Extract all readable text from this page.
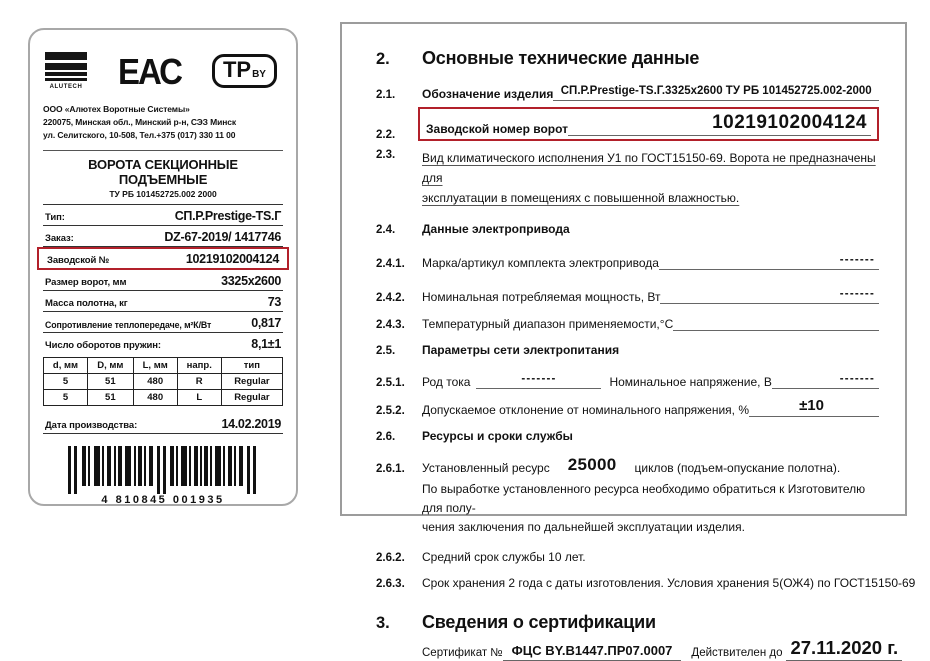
ALUTECH ЕАС	ТРBY
ООО «Алютех Воротные Системы»
220075, Минская обл., Минский р-н, СЭЗ Минск
ул. Селитского, 10-508, Тел.+375 (017) 330 11 00
ВОРОТА СЕКЦИОННЫЕ ПОДЪЕМНЫЕ
ТУ РБ 101452725.002 2000
Тип:	СП.P.Prestige-TS.Г
Заказ:	DZ-67-2019/ 1417746
Заводской №	10219102004124
Размер ворот, мм	3325x2600
Масса полотна, кг	73
Сопротивление теплопередаче, м²К/Вт	0,817
Число оборотов пружин:	8,1±1
d, мм	D, мм	L, мм	напр.	тип
5	51	480	R	Regular
5	51	480	L	Regular
Дата производства:	14.02.2019
4 810845 001935
2.	Основные технические данные
2.1.	Обозначение изделия СП.Р.Prestige-TS.Г.3325х2600 ТУ РБ 101452725.002-2000
2.2.	Заводской номер ворот	10219102004124
2.3.	Вид климатического исполнения У1 по ГОСТ15150-69. Ворота не предназначены для
эксплуатации в помещениях с повышенной влажностью.
2.4.	Данные электропривода
2.4.1.	Марка/артикул комплекта электропривода	-------
2.4.2.	Номинальная потребляемая мощность, Вт	-------
2.4.3.	Температурный диапазон применяемости,°С
2.5.	Параметры сети электропитания
2.5.1.	Род тока	-------	Номинальное напряжение, В	-------
2.5.2.	Допускаемое отклонение от номинального напряжения, %	±10
2.6.	Ресурсы и сроки службы
2.6.1.	Установленный ресурс 25000 циклов (подъем-опускание полотна).
По выработке установленного ресурса необходимо обратиться к Изготовителю для полу-
чения заключения по дальнейшей эксплуатации изделия.
2.6.2.	Средний срок службы 10 лет.
2.6.3.	Срок хранения 2 года с даты изготовления. Условия хранения 5(ОЖ4) по ГОСТ15150-69
3.	Сведения о сертификации
Сертификат № ФЦС BY.В1447.ПР07.0007	Действителен до 27.11.2020 г.
